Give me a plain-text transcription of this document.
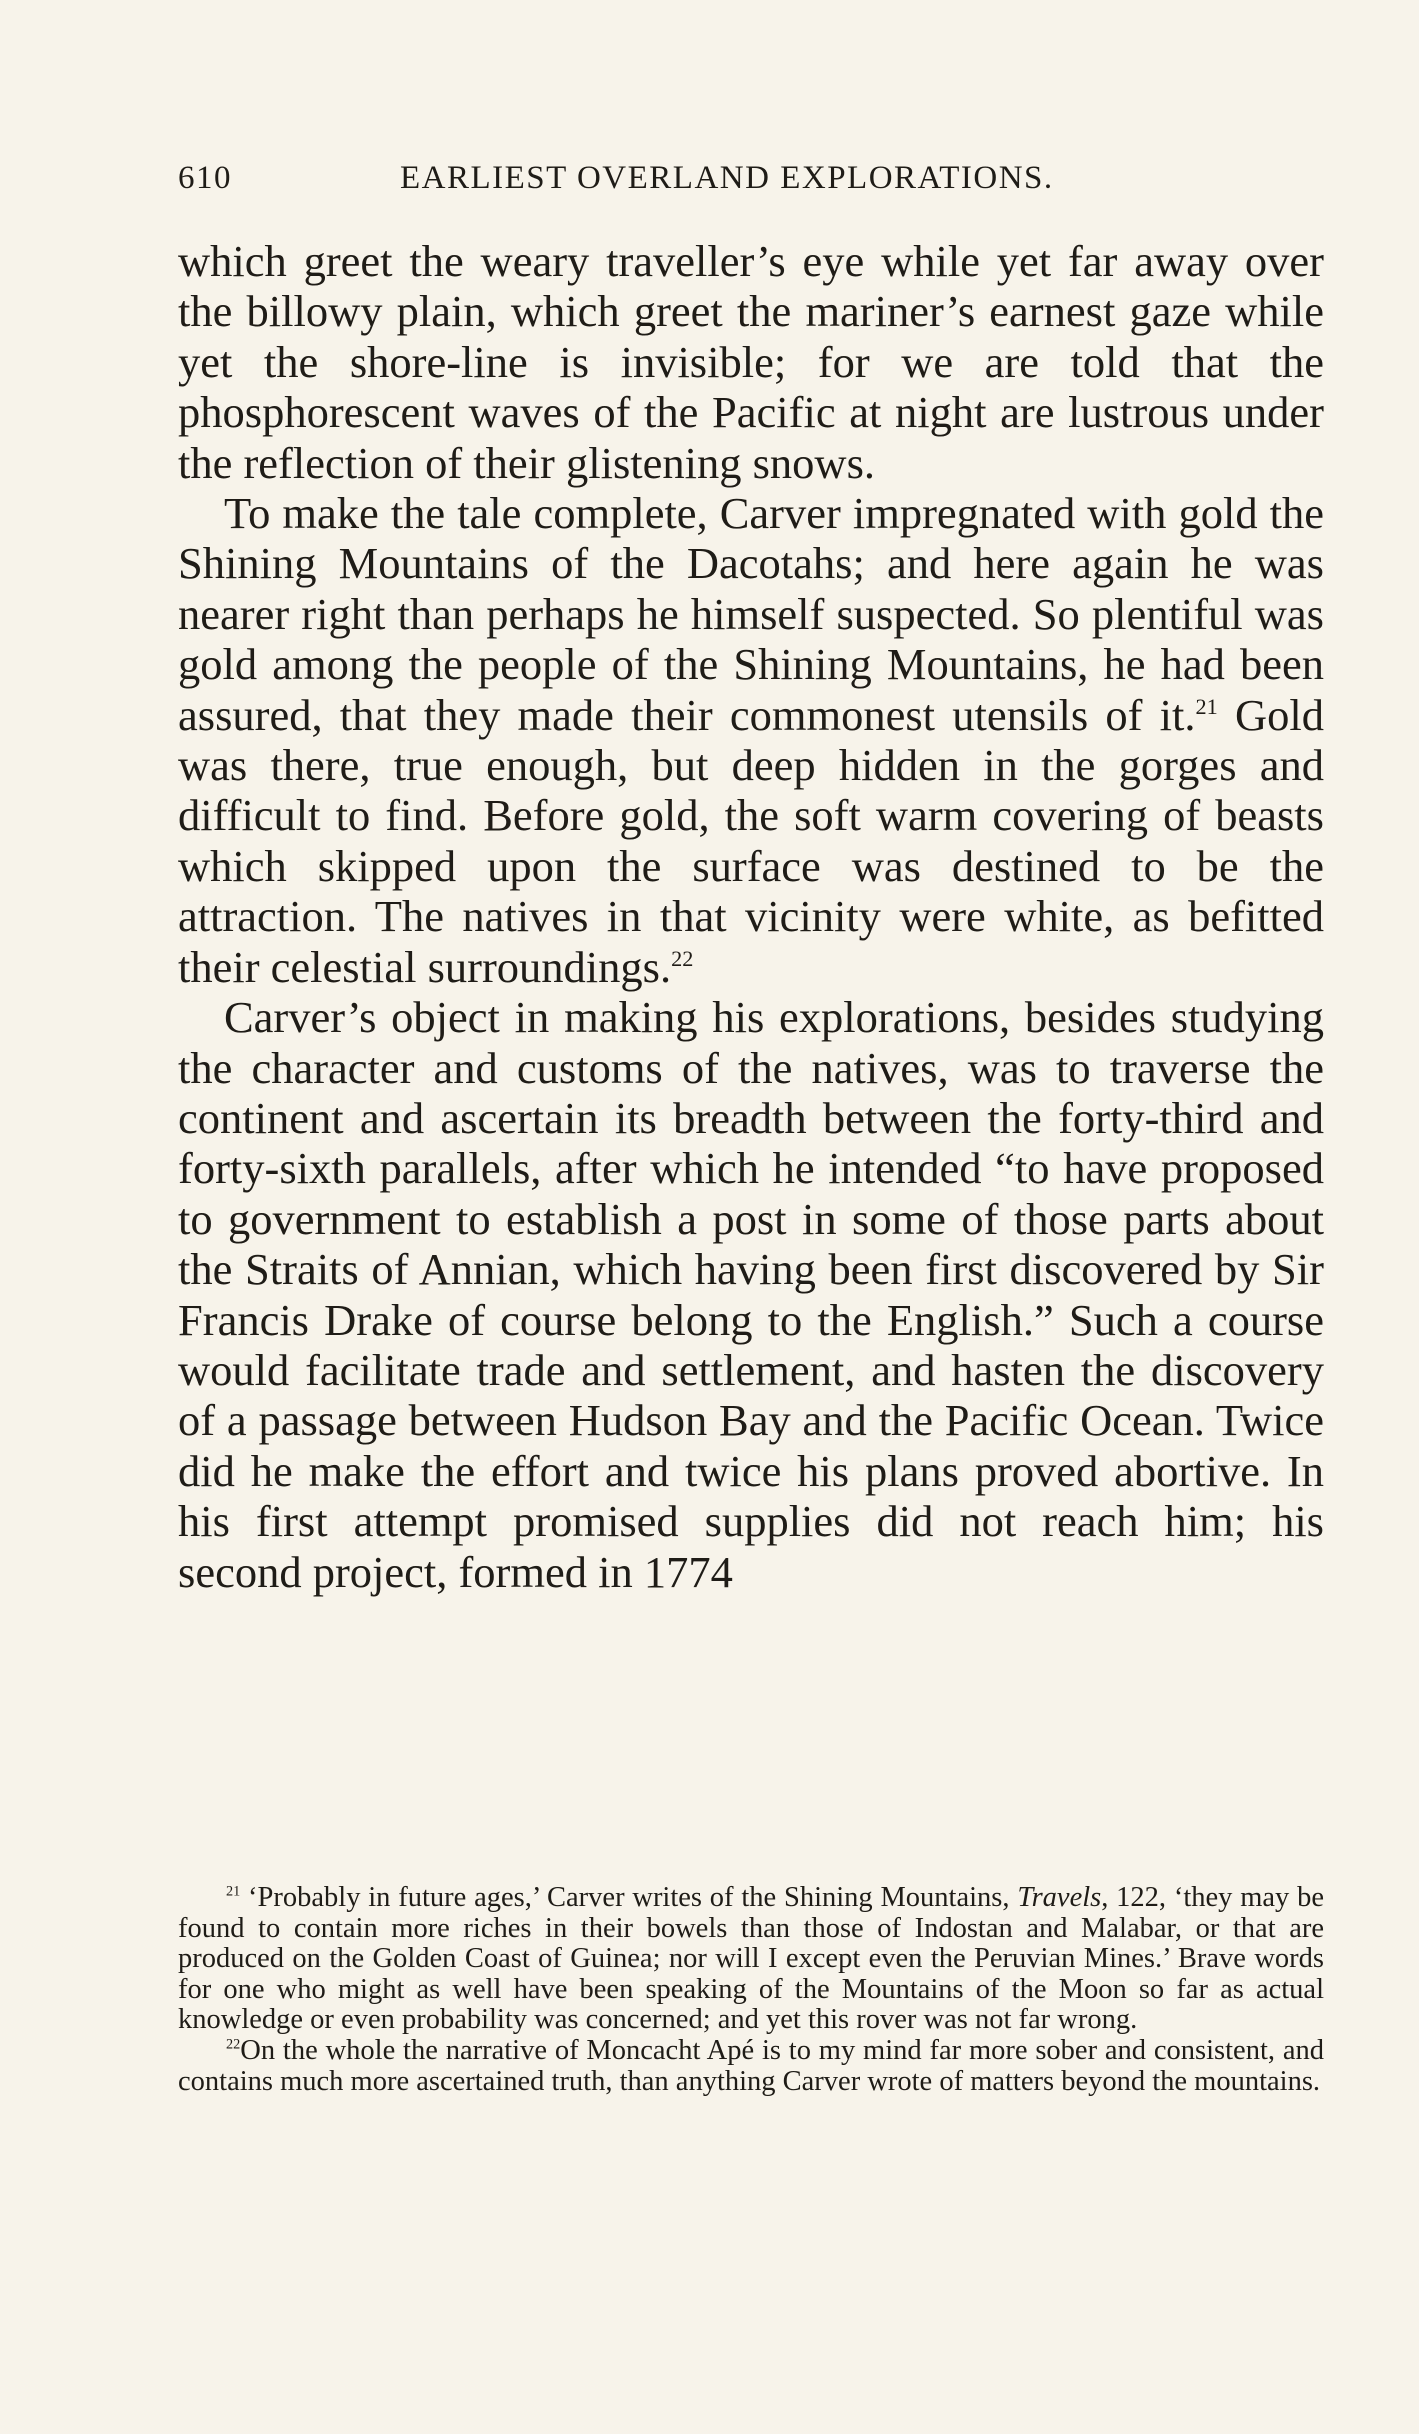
610	EARLIEST OVERLAND EXPLORATIONS.

which greet the weary traveller’s eye while yet far away over the billowy plain, which greet the mariner’s earnest gaze while yet the shore-line is invisible; for we are told that the phosphorescent waves of the Pacific at night are lustrous under the reflection of their glistening snows.

To make the tale complete, Carver impregnated with gold the Shining Mountains of the Dacotahs; and here again he was nearer right than perhaps he himself suspected. So plentiful was gold among the people of the Shining Mountains, he had been assured, that they made their commonest utensils of it.$^{21}$ Gold was there, true enough, but deep hidden in the gorges and difficult to find. Before gold, the soft warm covering of beasts which skipped upon the surface was destined to be the attraction. The natives in that vicinity were white, as befitted their celestial surroundings.$^{22}$

Carver’s object in making his explorations, besides studying the character and customs of the natives, was to traverse the continent and ascertain its breadth between the forty-third and forty-sixth parallels, after which he intended “to have proposed to government to establish a post in some of those parts about the Straits of Annian, which having been first discovered by Sir Francis Drake of course belong to the English.” Such a course would facilitate trade and settlement, and hasten the discovery of a passage between Hudson Bay and the Pacific Ocean. Twice did he make the effort and twice his plans proved abortive. In his first attempt promised supplies did not reach him; his second project, formed in 1774

$^{21}$ ‘Probably in future ages,’ Carver writes of the Shining Mountains, Travels, 122, ‘they may be found to contain more riches in their bowels than those of Indostan and Malabar, or that are produced on the Golden Coast of Guinea; nor will I except even the Peruvian Mines.’ Brave words for one who might as well have been speaking of the Mountains of the Moon so far as actual knowledge or even probability was concerned; and yet this rover was not far wrong.

$^{22}$On the whole the narrative of Moncacht Apé is to my mind far more sober and consistent, and contains much more ascertained truth, than anything Carver wrote of matters beyond the mountains.
